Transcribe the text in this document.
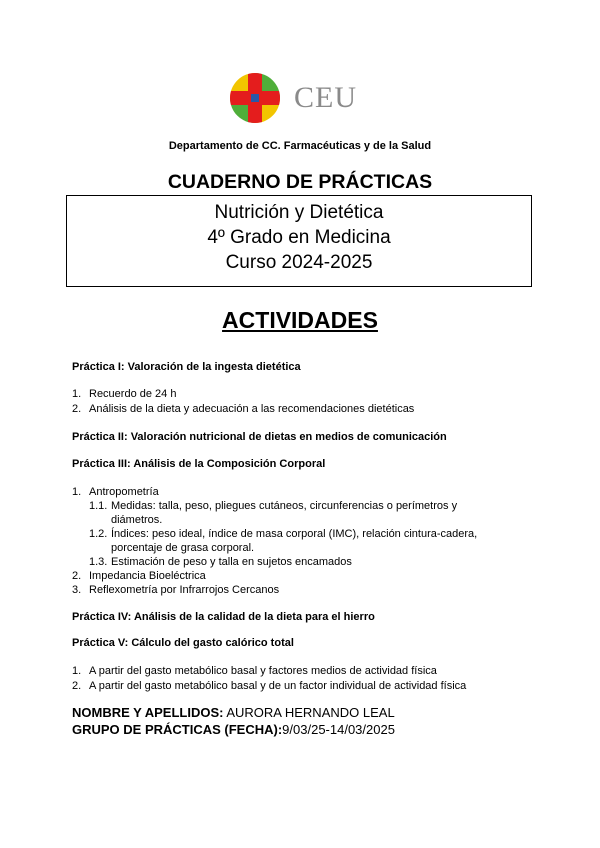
CEU
Departamento de CC. Farmacéuticas y de la Salud
CUADERNO DE PRÁCTICAS
Nutrición y Dietética
4º Grado en Medicina
Curso 2024-2025
ACTIVIDADES
Práctica I: Valoración de la ingesta dietética
1. Recuerdo de 24 h
2. Análisis de la dieta y adecuación a las recomendaciones dietéticas
Práctica II: Valoración nutricional de dietas en medios de comunicación
Práctica III: Análisis de la Composición Corporal
1. Antropometría
1.1. Medidas: talla, peso, pliegues cutáneos, circunferencias o perímetros y
diámetros.
1.2. Índices: peso ideal, índice de masa corporal (IMC), relación cintura-cadera,
porcentaje de grasa corporal.
1.3. Estimación de peso y talla en sujetos encamados
2. Impedancia Bioeléctrica
3. Reflexometría por Infrarrojos Cercanos
Práctica IV: Análisis de la calidad de la dieta para el hierro
Práctica V: Cálculo del gasto calórico total
1. A partir del gasto metabólico basal y factores medios de actividad física
2. A partir del gasto metabólico basal y de un factor individual de actividad física
NOMBRE Y APELLIDOS: AURORA HERNANDO LEAL
GRUPO DE PRÁCTICAS (FECHA):9/03/25-14/03/2025
